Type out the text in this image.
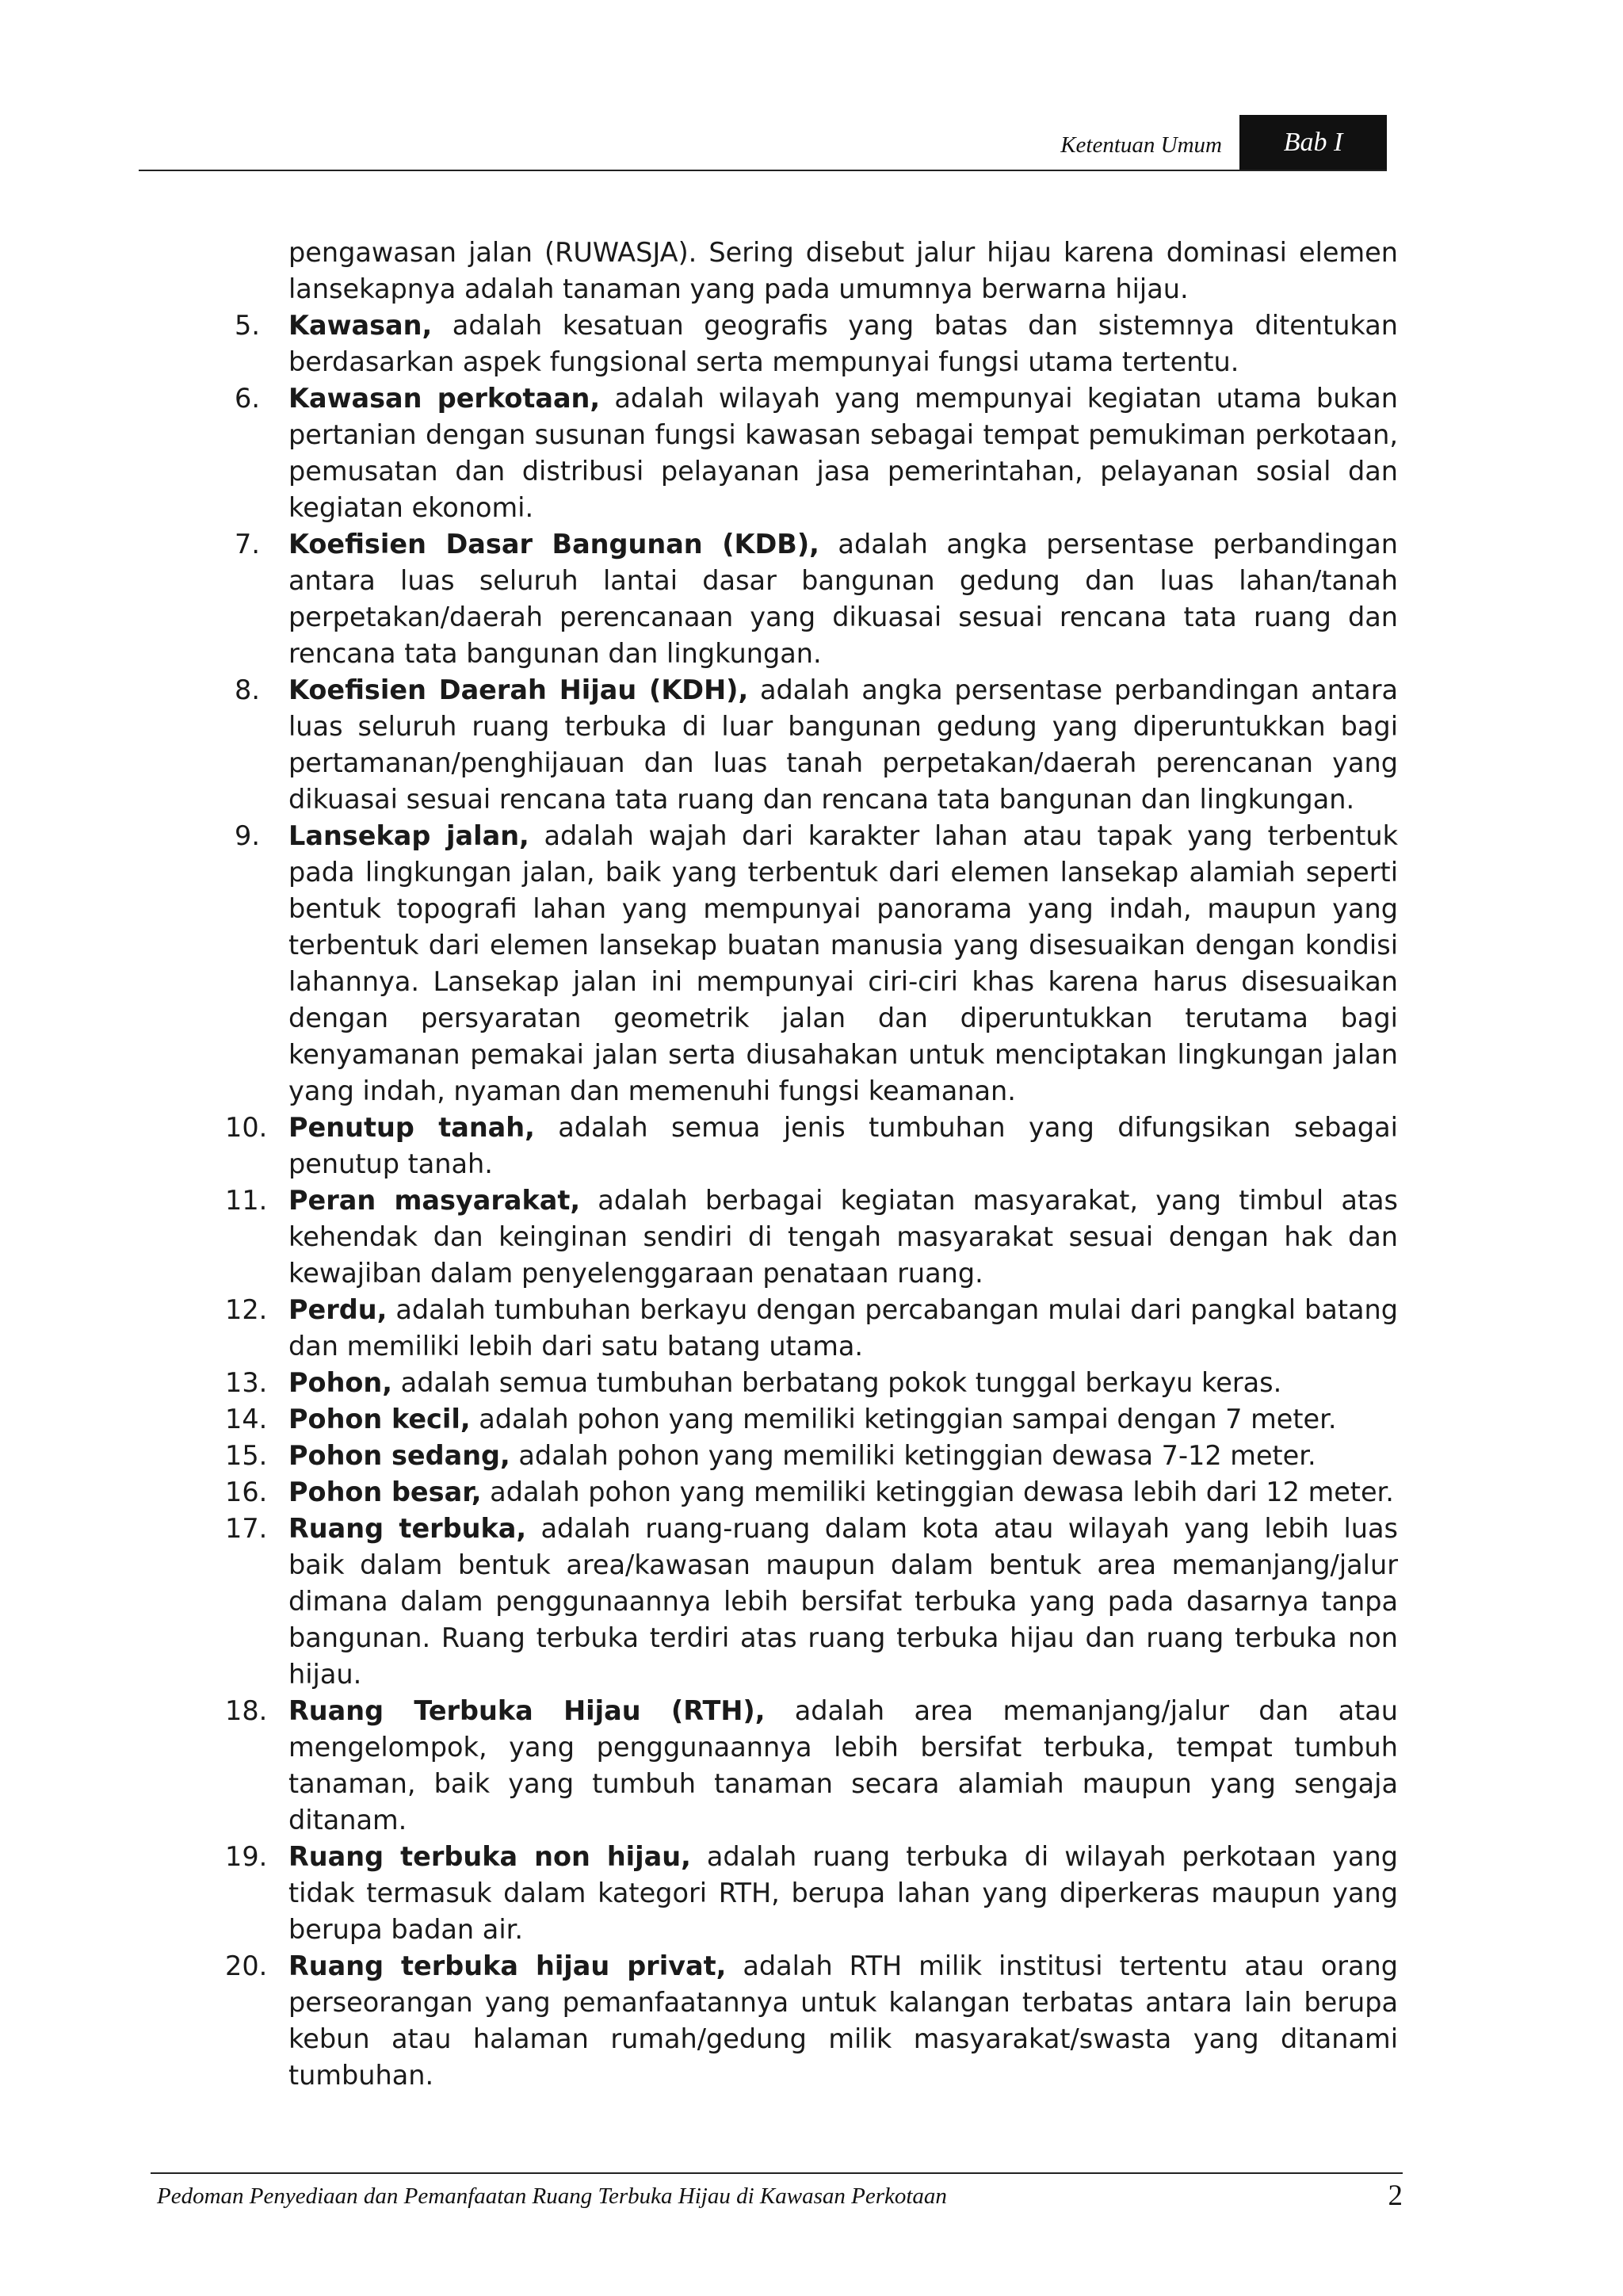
Ketentuan Umum	Bab I
pengawasan jalan (RUWASJA). Sering disebut jalur hijau karena dominasi elemen lansekapnya adalah tanaman yang pada umumnya berwarna hijau.
5. Kawasan, adalah kesatuan geografis yang batas dan sistemnya ditentukan berdasarkan aspek fungsional serta mempunyai fungsi utama tertentu.
6. Kawasan perkotaan, adalah wilayah yang mempunyai kegiatan utama bukan pertanian dengan susunan fungsi kawasan sebagai tempat pemukiman perkotaan, pemusatan dan distribusi pelayanan jasa pemerintahan, pelayanan sosial dan kegiatan ekonomi.
7. Koefisien Dasar Bangunan (KDB), adalah angka persentase perbandingan antara luas seluruh lantai dasar bangunan gedung dan luas lahan/tanah perpetakan/daerah perencanaan yang dikuasai sesuai rencana tata ruang dan rencana tata bangunan dan lingkungan.
8. Koefisien Daerah Hijau (KDH), adalah angka persentase perbandingan antara luas seluruh ruang terbuka di luar bangunan gedung yang diperuntukkan bagi pertamanan/penghijauan dan luas tanah perpetakan/daerah perencanan yang dikuasai sesuai rencana tata ruang dan rencana tata bangunan dan lingkungan.
9. Lansekap jalan, adalah wajah dari karakter lahan atau tapak yang terbentuk pada lingkungan jalan, baik yang terbentuk dari elemen lansekap alamiah seperti bentuk topografi lahan yang mempunyai panorama yang indah, maupun yang terbentuk dari elemen lansekap buatan manusia yang disesuaikan dengan kondisi lahannya. Lansekap jalan ini mempunyai ciri-ciri khas karena harus disesuaikan dengan persyaratan geometrik jalan dan diperuntukkan terutama bagi kenyamanan pemakai jalan serta diusahakan untuk menciptakan lingkungan jalan yang indah, nyaman dan memenuhi fungsi keamanan.
10. Penutup tanah, adalah semua jenis tumbuhan yang difungsikan sebagai penutup tanah.
11. Peran masyarakat, adalah berbagai kegiatan masyarakat, yang timbul atas kehendak dan keinginan sendiri di tengah masyarakat sesuai dengan hak dan kewajiban dalam penyelenggaraan penataan ruang.
12. Perdu, adalah tumbuhan berkayu dengan percabangan mulai dari pangkal batang dan memiliki lebih dari satu batang utama.
13. Pohon, adalah semua tumbuhan berbatang pokok tunggal berkayu keras.
14. Pohon kecil, adalah pohon yang memiliki ketinggian sampai dengan 7 meter.
15. Pohon sedang, adalah pohon yang memiliki ketinggian dewasa 7-12 meter.
16. Pohon besar, adalah pohon yang memiliki ketinggian dewasa lebih dari 12 meter.
17. Ruang terbuka, adalah ruang-ruang dalam kota atau wilayah yang lebih luas baik dalam bentuk area/kawasan maupun dalam bentuk area memanjang/jalur dimana dalam penggunaannya lebih bersifat terbuka yang pada dasarnya tanpa bangunan. Ruang terbuka terdiri atas ruang terbuka hijau dan ruang terbuka non hijau.
18. Ruang Terbuka Hijau (RTH), adalah area memanjang/jalur dan atau mengelompok, yang penggunaannya lebih bersifat terbuka, tempat tumbuh tanaman, baik yang tumbuh tanaman secara alamiah maupun yang sengaja ditanam.
19. Ruang terbuka non hijau, adalah ruang terbuka di wilayah perkotaan yang tidak termasuk dalam kategori RTH, berupa lahan yang diperkeras maupun yang berupa badan air.
20. Ruang terbuka hijau privat, adalah RTH milik institusi tertentu atau orang perseorangan yang pemanfaatannya untuk kalangan terbatas antara lain berupa kebun atau halaman rumah/gedung milik masyarakat/swasta yang ditanami tumbuhan.
Pedoman Penyediaan dan Pemanfaatan Ruang Terbuka Hijau di Kawasan Perkotaan	2
